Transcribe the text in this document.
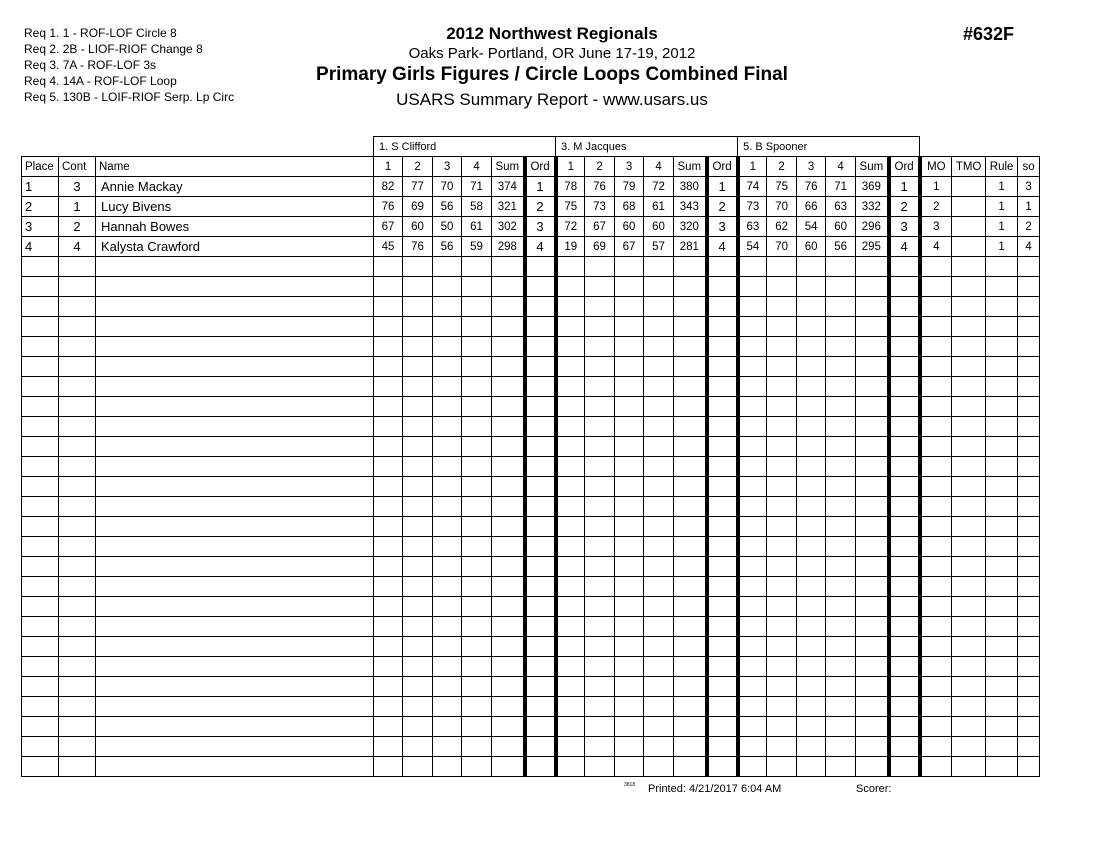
Req 1. 1 - ROF-LOF Circle 8
Req 2. 2B - LIOF-RIOF Change 8
Req 3. 7A - ROF-LOF 3s
Req 4. 14A - ROF-LOF Loop
Req 5. 130B - LOIF-RIOF Serp. Lp Circ
2012 Northwest Regionals
Oaks Park- Portland, OR June 17-19, 2012
Primary Girls Figures / Circle Loops Combined Final
USARS Summary Report - www.usars.us
#632F
			1. S Clifford						3. M Jacques						5. B Spooner									
Place	Cont	Name	1	2	3	4	Sum	Ord	1	2	3	4	Sum	Ord	1	2	3	4	Sum	Ord	MO	TMO	Rule	so
1	3	Annie Mackay	82	77	70	71	374	1	78	76	79	72	380	1	74	75	76	71	369	1	1		1	3
2	1	Lucy Bivens	76	69	56	58	321	2	75	73	68	61	343	2	73	70	66	63	332	2	2		1	1
3	2	Hannah Bowes	67	60	50	61	302	3	72	67	60	60	320	3	63	62	54	60	296	3	3		1	2
4	4	Kalysta Crawford	45	76	56	59	298	4	19	69	67	57	281	4	54	70	60	56	295	4	4		1	4

3818 Printed: 4/21/2017 6:04 AM	Scorer:
